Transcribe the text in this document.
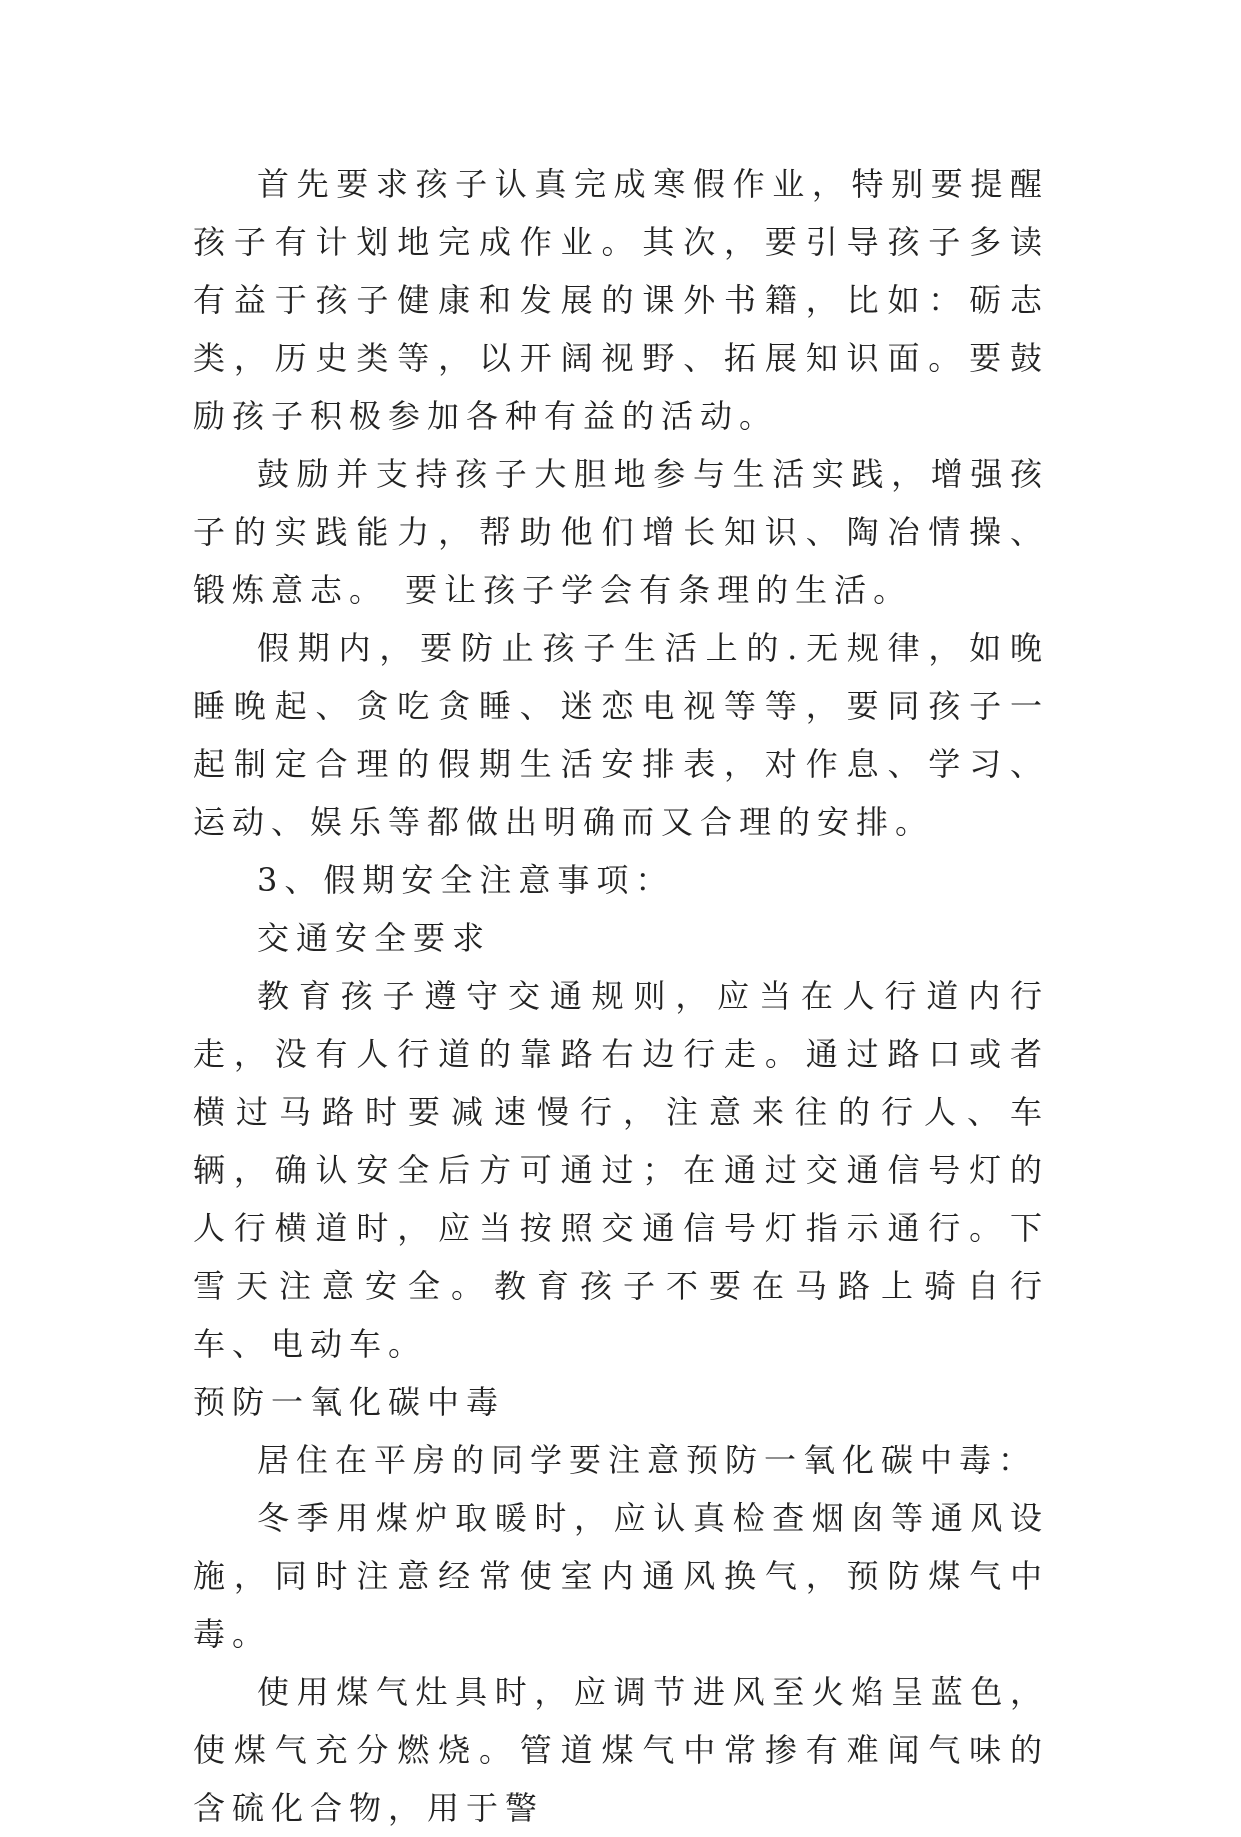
首先要求孩子认真完成寒假作业，特别要提醒孩子有计划地完成作业。其次，要引导孩子多读有益于孩子健康和发展的课外书籍，比如：砺志类，历史类等，以开阔视野、拓展知识面。要鼓励孩子积极参加各种有益的活动。

鼓励并支持孩子大胆地参与生活实践，增强孩子的实践能力，帮助他们增长知识、陶冶情操、锻炼意志。 要让孩子学会有条理的生活。

假期内，要防止孩子生活上的.无规律，如晚睡晚起、贪吃贪睡、迷恋电视等等，要同孩子一起制定合理的假期生活安排表，对作息、学习、运动、娱乐等都做出明确而又合理的安排。

3、假期安全注意事项：

交通安全要求

教育孩子遵守交通规则，应当在人行道内行走，没有人行道的靠路右边行走。通过路口或者横过马路时要减速慢行，注意来往的行人、车辆，确认安全后方可通过；在通过交通信号灯的人行横道时，应当按照交通信号灯指示通行。下雪天注意安全。教育孩子不要在马路上骑自行车、电动车。

预防一氧化碳中毒

居住在平房的同学要注意预防一氧化碳中毒：

冬季用煤炉取暖时，应认真检查烟囱等通风设施，同时注意经常使室内通风换气，预防煤气中毒。

使用煤气灶具时，应调节进风至火焰呈蓝色，使煤气充分燃烧。管道煤气中常掺有难闻气味的含硫化合物，用于警
